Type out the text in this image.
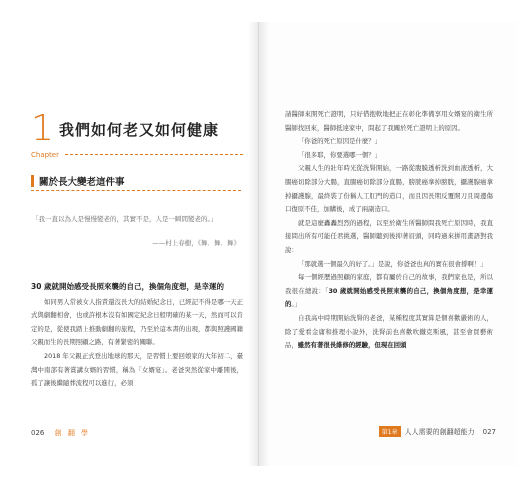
1 我們如何老又如何健康
Chapter
關於長大變老這件事
「我一直以為人是慢慢變老的，其實不是，人是一瞬間變老的。」
——村上春樹，《舞．舞．舞》

30 歲就開始感受長照來襲的自己，換個角度想，是幸運的

如同男人常被女人指責還沒長大的結婚紀念日，已經記不得是哪一天正式與劇翻相會，也或許根本沒有如國定紀念日般明確的某一天，然而可以肯定的是，從使我踏上推動劇翻的旅程，乃至於這本書的出現，都與照護國籍父親而生的長期照顧之路，有著緊密的關聯。

2018 年父親正式登出地球的那天，是習慣上要回娘家的大年初二，臺灣中南部有著賞講女婿的習慣，稱為「女婿宴」。老爸突然從家中離開後，孤了讓後繼隨葬流程可以進行，必須

026 創 翻 學

請醫師來開死亡證明，只好借抱軟地把正在彰化準備享用女婿宴的衛生所醫師找回來，醫師抵達家中，問起了我關於死亡證明上的原因。

「你爸的死亡原因是什麼？」

「很多耶，你要選哪一個？」

父親人生的壯年時光從洗腎開始，一路從腹膜透析洗到血液透析，大腸癌切除部分大腸，直腸癌切除部分直腸，膀胱癌拿掉膀胱，攝護腺癌拿掉攝護腺，最終裝了份稱人工肛門的造口，而且因長期反覆開刀且周邊傷口復原不佳，加購後，成了兩副造口。

就是這麼轟轟烈烈的過程，以至於衛生所醫師問我死亡原因時，我直接問出所有可能任君挑選，醫師聽到後抑著眉頭，同時過來拼用畫語對我說：

「那就選一個最久的好了。」是說，你爸爸也真的實在很會撐啊！」

每一個經歷過照顧的家庭，都有屬於自己的故事，我們家也是，所以我很在總說：「30 歲就開始感受長照來襲的自己，換個角度想，是幸運的。」

自我高中時期開始洗腎的老爸，某種程度其實算是個喜歡嚴術的人，除了愛看金庸和推理小說外，洗腎前也喜歡吹鐵克斯風，甚至會買藝術品，雖然有著很長維修的經驗，但現在回頭

第1章	人人需要的創翻超能力 027
